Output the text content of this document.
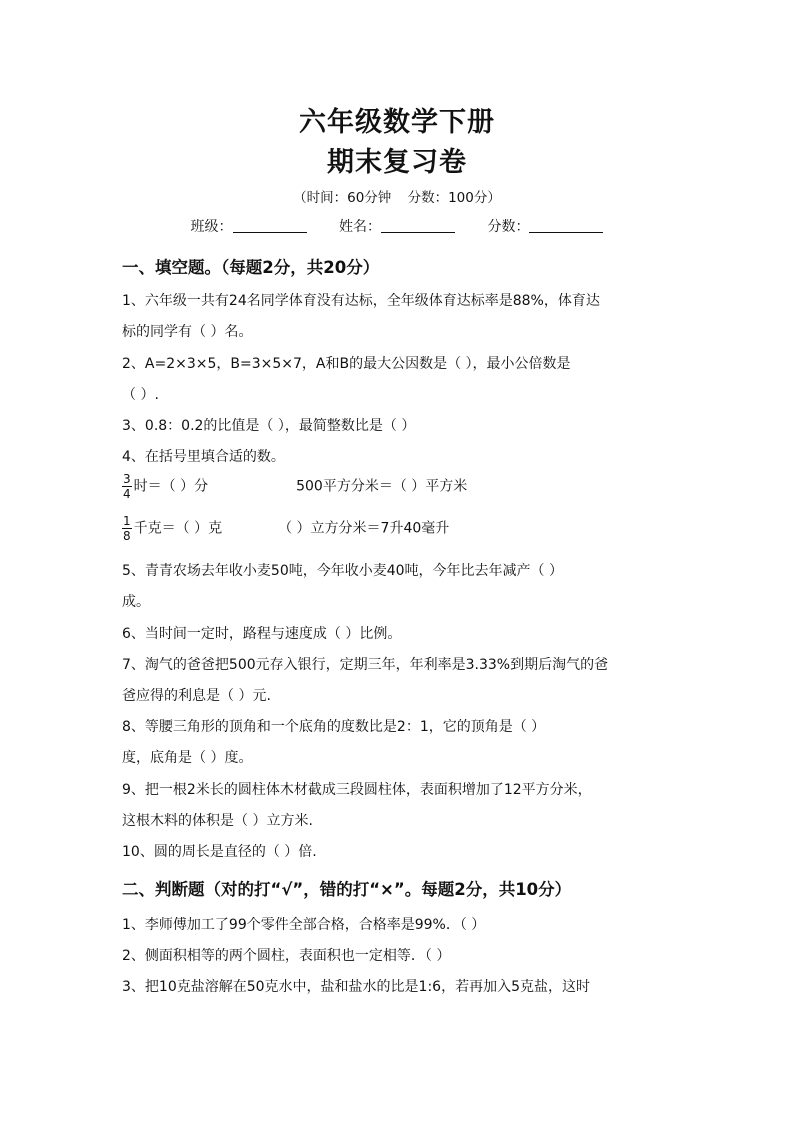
六年级数学下册
期末复习卷
（时间：60分钟 分数：100分）
班级：	姓名：	分数：
一、填空题。（每题2分，共20分）
1、六年级一共有24名同学体育没有达标，全年级体育达标率是88%，体育达
标的同学有（ ）名。
2、A=2×3×5，B=3×5×7，A和B的最大公因数是（ ），最小公倍数是
（ ）.
3、0.8：0.2的比值是（ ），最简整数比是（ ）
4、在括号里填合适的数。
$\frac{3}{4}$ 时＝（ ）分	500平方分米＝（ ）平方米
$\frac{1}{8}$ 千克＝（ ）克	（ ）立方分米＝7升40毫升
5、青青农场去年收小麦50吨，今年收小麦40吨，今年比去年减产（ ）
成。
6、当时间一定时，路程与速度成（ ）比例。
7、淘气的爸爸把500元存入银行，定期三年，年利率是3.33%到期后淘气的爸
爸应得的利息是（ ）元.
8、等腰三角形的顶角和一个底角的度数比是2：1，它的顶角是（ ）
度，底角是（ ）度。
9、把一根2米长的圆柱体木材截成三段圆柱体，表面积增加了12平方分米，
这根木料的体积是（ ）立方米.
10、圆的周长是直径的（ ）倍.
二、判断题（对的打“√”，错的打“×”。每题2分，共10分）
1、李师傅加工了99个零件全部合格，合格率是99%．（ ）
2、侧面积相等的两个圆柱，表面积也一定相等．（ ）
3、把10克盐溶解在50克水中，盐和盐水的比是1:6，若再加入5克盐，这时
